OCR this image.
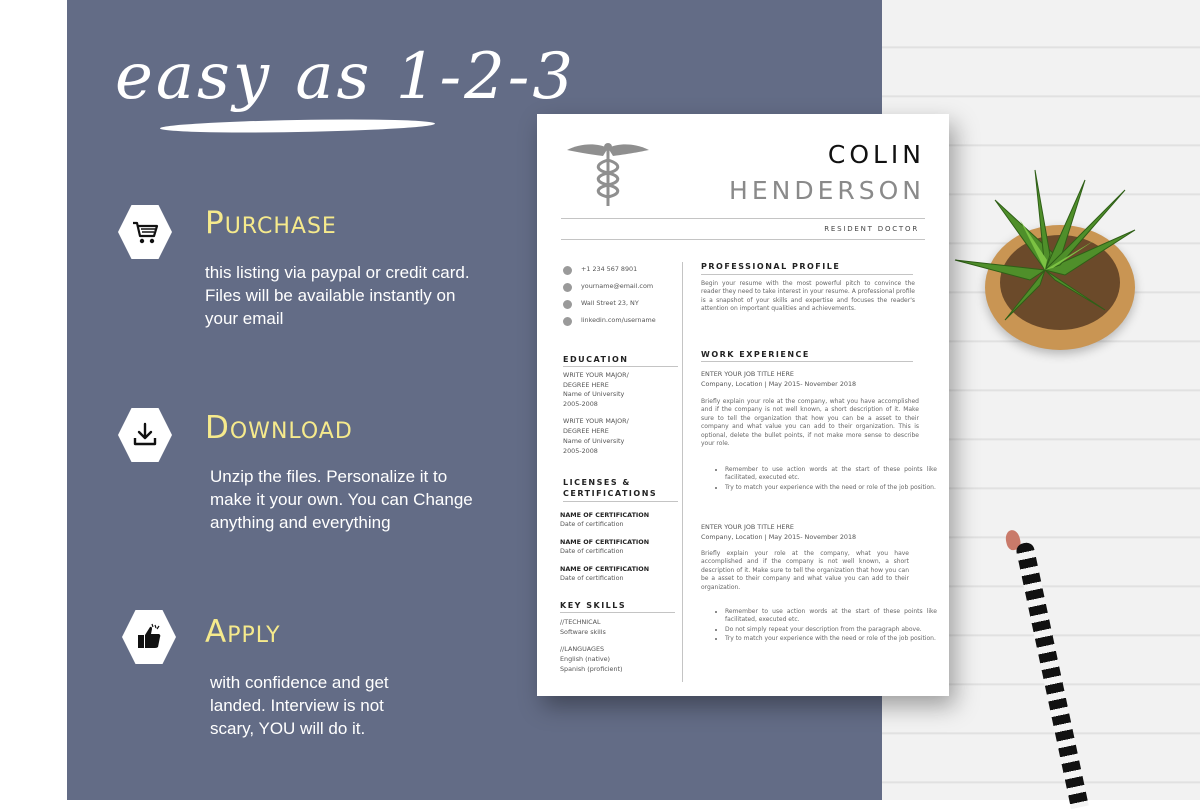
easy as 1-2-3
Purchase
this listing via paypal or credit card. Files will be available instantly on your email
Download
Unzip the files. Personalize it to make it your own. You can Change anything and everything
Apply
with confidence and get landed. Interview is not scary, YOU will do it.
COLIN
HENDERSON
RESIDENT DOCTOR
+1 234 567 8901
yourname@email.com
Wall Street 23, NY
linkedin.com/username
EDUCATION
WRITE YOUR MAJOR/ DEGREE HERE
Name of University
2005-2008
WRITE YOUR MAJOR/ DEGREE HERE
Name of University
2005-2008
LICENSES & CERTIFICATIONS
NAME OF CERTIFICATION
Date of certification
NAME OF CERTIFICATION
Date of certification
NAME OF CERTIFICATION
Date of certification
KEY SKILLS
//TECHNICAL
Software skills
//LANGUAGES
English (native) Spanish (proficient)
PROFESSIONAL PROFILE
Begin your resume with the most powerful pitch to convince the reader they need to take interest in your resume. A professional profile is a snapshot of your skills and expertise and focuses the reader's attention on important qualities and achievements.
WORK EXPERIENCE
ENTER YOUR JOB TITLE HERE
Company, Location | May 2015- November 2018
Briefly explain your role at the company, what you have accomplished and if the company is not well known, a short description of it. Make sure to tell the organization that how you can be a asset to their company and what value you can add to their organization. This is optional, delete the bullet points, if not make more sense to describe your role.
• Remember to use action words at the start of these points like facilitated, executed etc.
• Try to match your experience with the need or role of the job position.
ENTER YOUR JOB TITLE HERE
Company, Location | May 2015- November 2018
Briefly explain your role at the company, what you have accomplished and if the company is not well known, a short description of it. Make sure to tell the organization that how you can be a asset to their company and what value you can add to their organization.
• Remember to use action words at the start of these points like facilitated, executed etc.
• Do not simply repeat your description from the paragraph above.
• Try to match your experience with the need or role of the job position.
